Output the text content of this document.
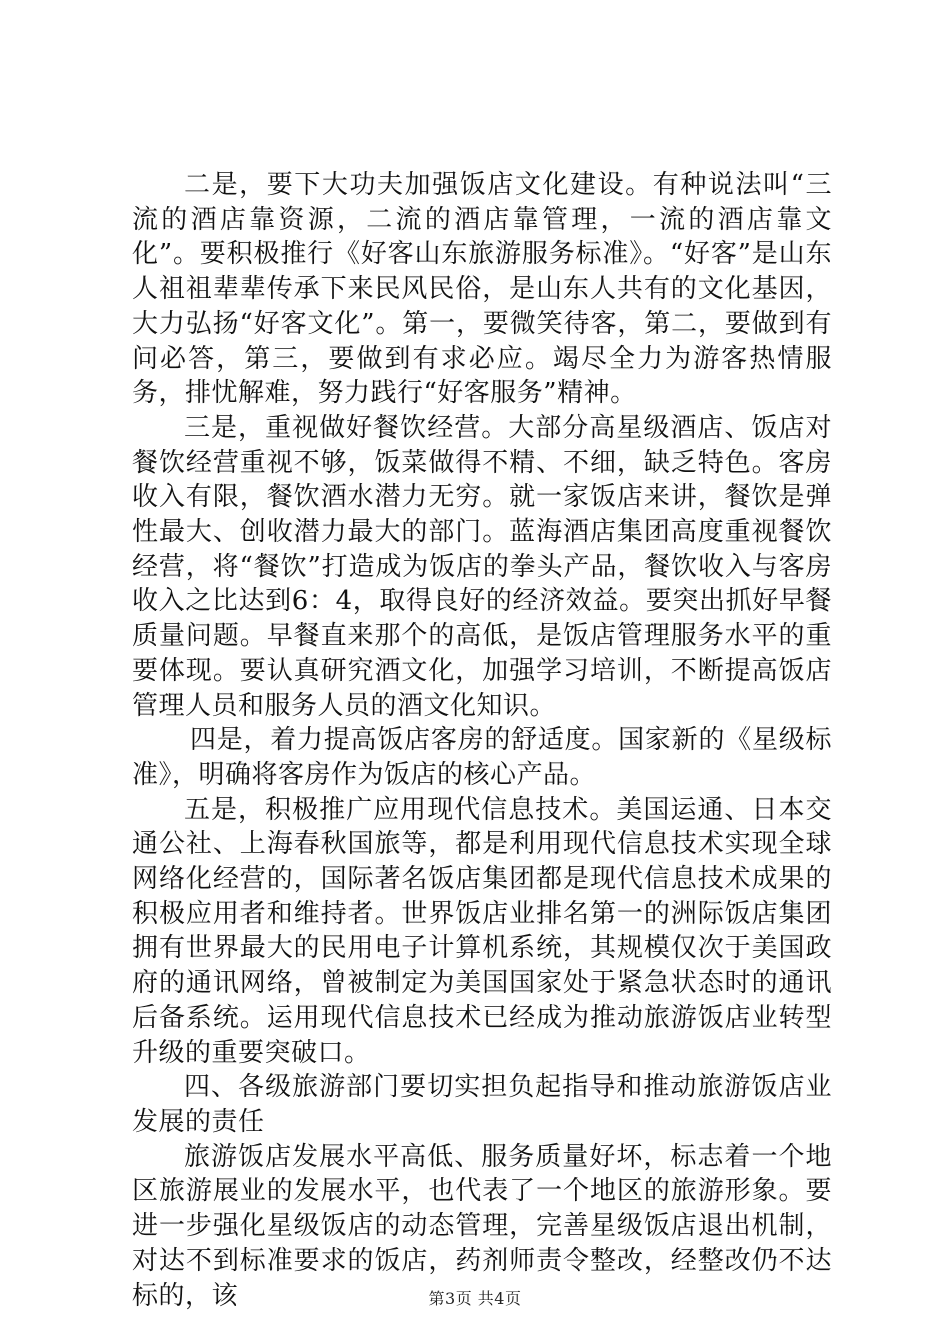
二是，要下大功夫加强饭店文化建设。有种说法叫“三流的酒店靠资源，二流的酒店靠管理，一流的酒店靠文化”。要积极推行《好客山东旅游服务标准》。“好客”是山东人祖祖辈辈传承下来民风民俗，是山东人共有的文化基因，大力弘扬“好客文化”。第一，要微笑待客，第二，要做到有问必答，第三，要做到有求必应。竭尽全力为游客热情服务，排忧解难，努力践行“好客服务”精神。

三是，重视做好餐饮经营。大部分高星级酒店、饭店对餐饮经营重视不够，饭菜做得不精、不细，缺乏特色。客房收入有限，餐饮酒水潜力无穷。就一家饭店来讲，餐饮是弹性最大、创收潜力最大的部门。蓝海酒店集团高度重视餐饮经营，将“餐饮”打造成为饭店的拳头产品，餐饮收入与客房收入之比达到6：4，取得良好的经济效益。要突出抓好早餐质量问题。早餐直来那个的高低，是饭店管理服务水平的重要体现。要认真研究酒文化，加强学习培训，不断提高饭店管理人员和服务人员的酒文化知识。

四是，着力提高饭店客房的舒适度。国家新的《星级标准》，明确将客房作为饭店的核心产品。

五是，积极推广应用现代信息技术。美国运通、日本交通公社、上海春秋国旅等，都是利用现代信息技术实现全球网络化经营的，国际著名饭店集团都是现代信息技术成果的积极应用者和维持者。世界饭店业排名第一的洲际饭店集团拥有世界最大的民用电子计算机系统，其规模仅次于美国政府的通讯网络，曾被制定为美国国家处于紧急状态时的通讯后备系统。运用现代信息技术已经成为推动旅游饭店业转型升级的重要突破口。

四、各级旅游部门要切实担负起指导和推动旅游饭店业发展的责任

旅游饭店发展水平高低、服务质量好坏，标志着一个地区旅游展业的发展水平，也代表了一个地区的旅游形象。要进一步强化星级饭店的动态管理，完善星级饭店退出机制，对达不到标准要求的饭店，药剂师责令整改，经整改仍不达标的，该	第3页 共4页
